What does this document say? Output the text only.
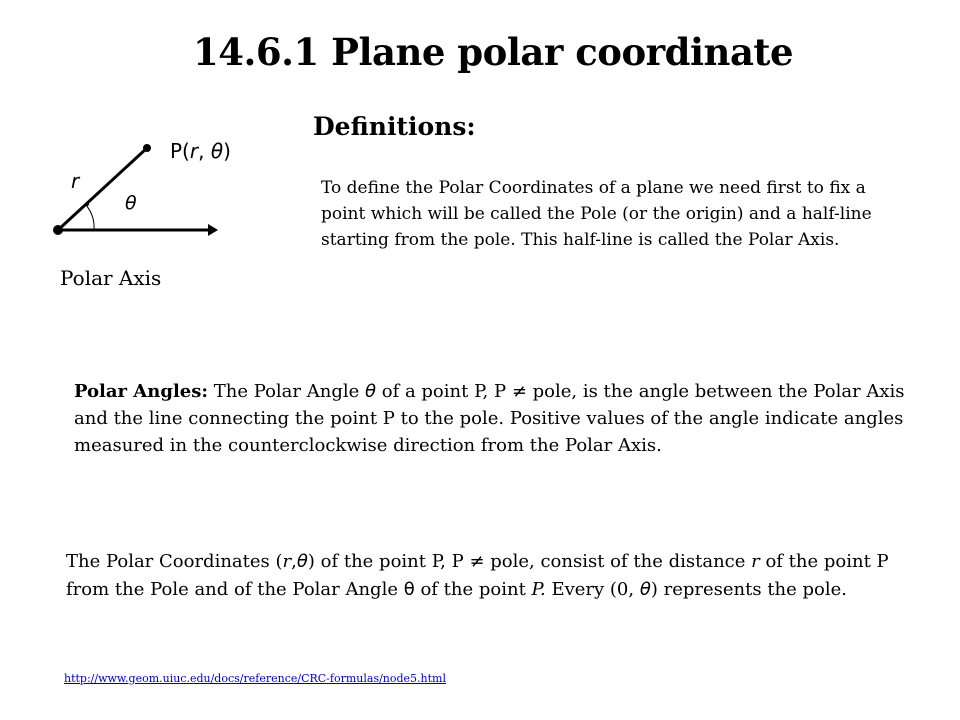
14.6.1 Plane polar coordinate
Definitions:

To define the Polar Coordinates of a plane we need first to fix a point which will be called the Pole (or the origin) and a half-line starting from the pole. This half-line is called the Polar Axis.

P(r, θ)
r
θ
Polar Axis

Polar Angles: The Polar Angle θ of a point P, P ≠ pole, is the angle between the Polar Axis and the line connecting the point P to the pole. Positive values of the angle indicate angles measured in the counterclockwise direction from the Polar Axis.

The Polar Coordinates (r,θ) of the point P, P ≠ pole, consist of the distance r of the point P from the Pole and of the Polar Angle θ of the point P. Every (0, θ) represents the pole.

http://www.geom.uiuc.edu/docs/reference/CRC-formulas/node5.html
